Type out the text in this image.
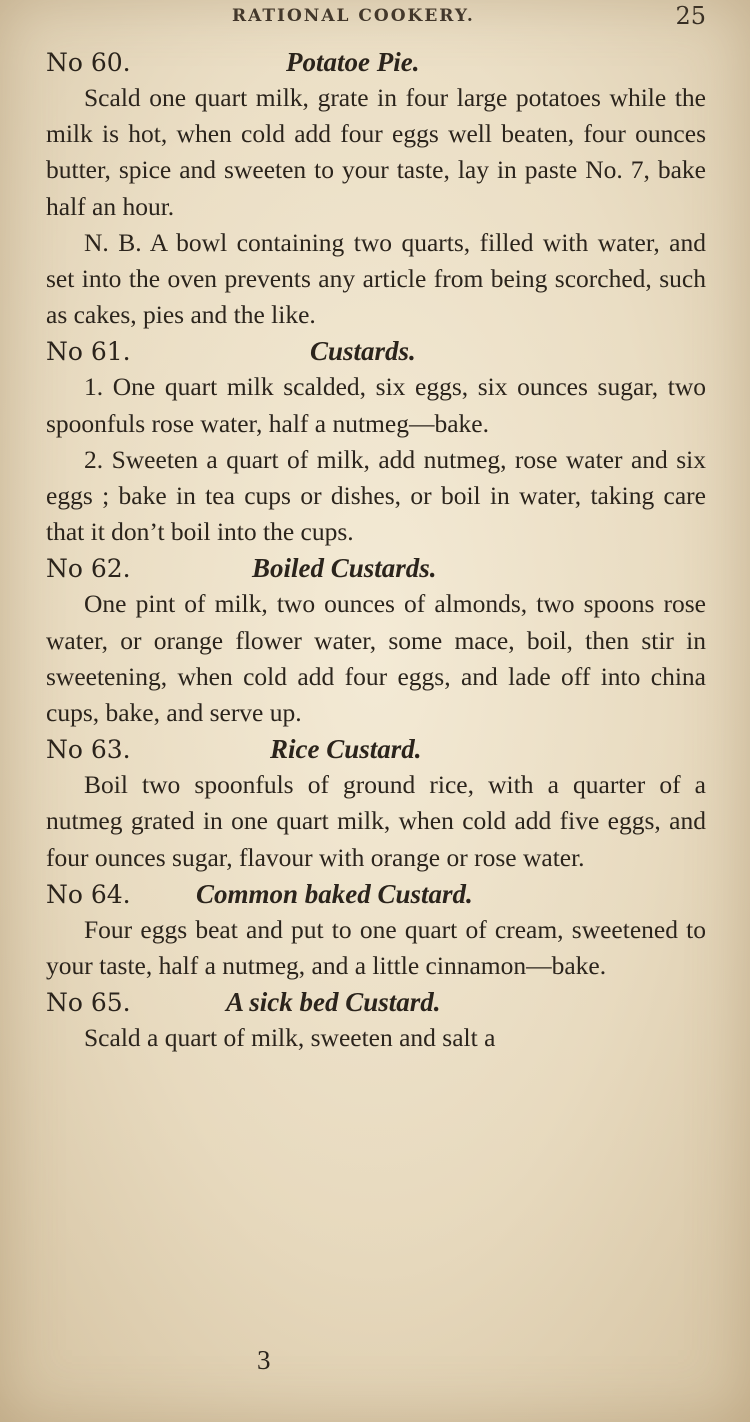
RATIONAL COOKERY.	25
No 60.	Potatoe Pie.

Scald one quart milk, grate in four large potatoes while the milk is hot, when cold add four eggs well beaten, four ounces butter, spice and sweeten to your taste, lay in paste No. 7, bake half an hour.

N. B. A bowl containing two quarts, filled with water, and set into the oven prevents any article from being scorched, such as cakes, pies and the like.

No 61.	Custards.

1. One quart milk scalded, six eggs, six ounces sugar, two spoonfuls rose water, half a nutmeg—bake.

2. Sweeten a quart of milk, add nutmeg, rose water and six eggs ; bake in tea cups or dishes, or boil in water, taking care that it don’t boil into the cups.

No 62.	Boiled Custards.

One pint of milk, two ounces of almonds, two spoons rose water, or orange flower water, some mace, boil, then stir in sweetening, when cold add four eggs, and lade off into china cups, bake, and serve up.

No 63.	Rice Custard.

Boil two spoonfuls of ground rice, with a quarter of a nutmeg grated in one quart milk, when cold add five eggs, and four ounces sugar, flavour with orange or rose water.

No 64.	Common baked Custard.

Four eggs beat and put to one quart of cream, sweetened to your taste, half a nutmeg, and a little cinnamon—bake.

No 65.	A sick bed Custard.

Scald a quart of milk, sweeten and salt a

3
